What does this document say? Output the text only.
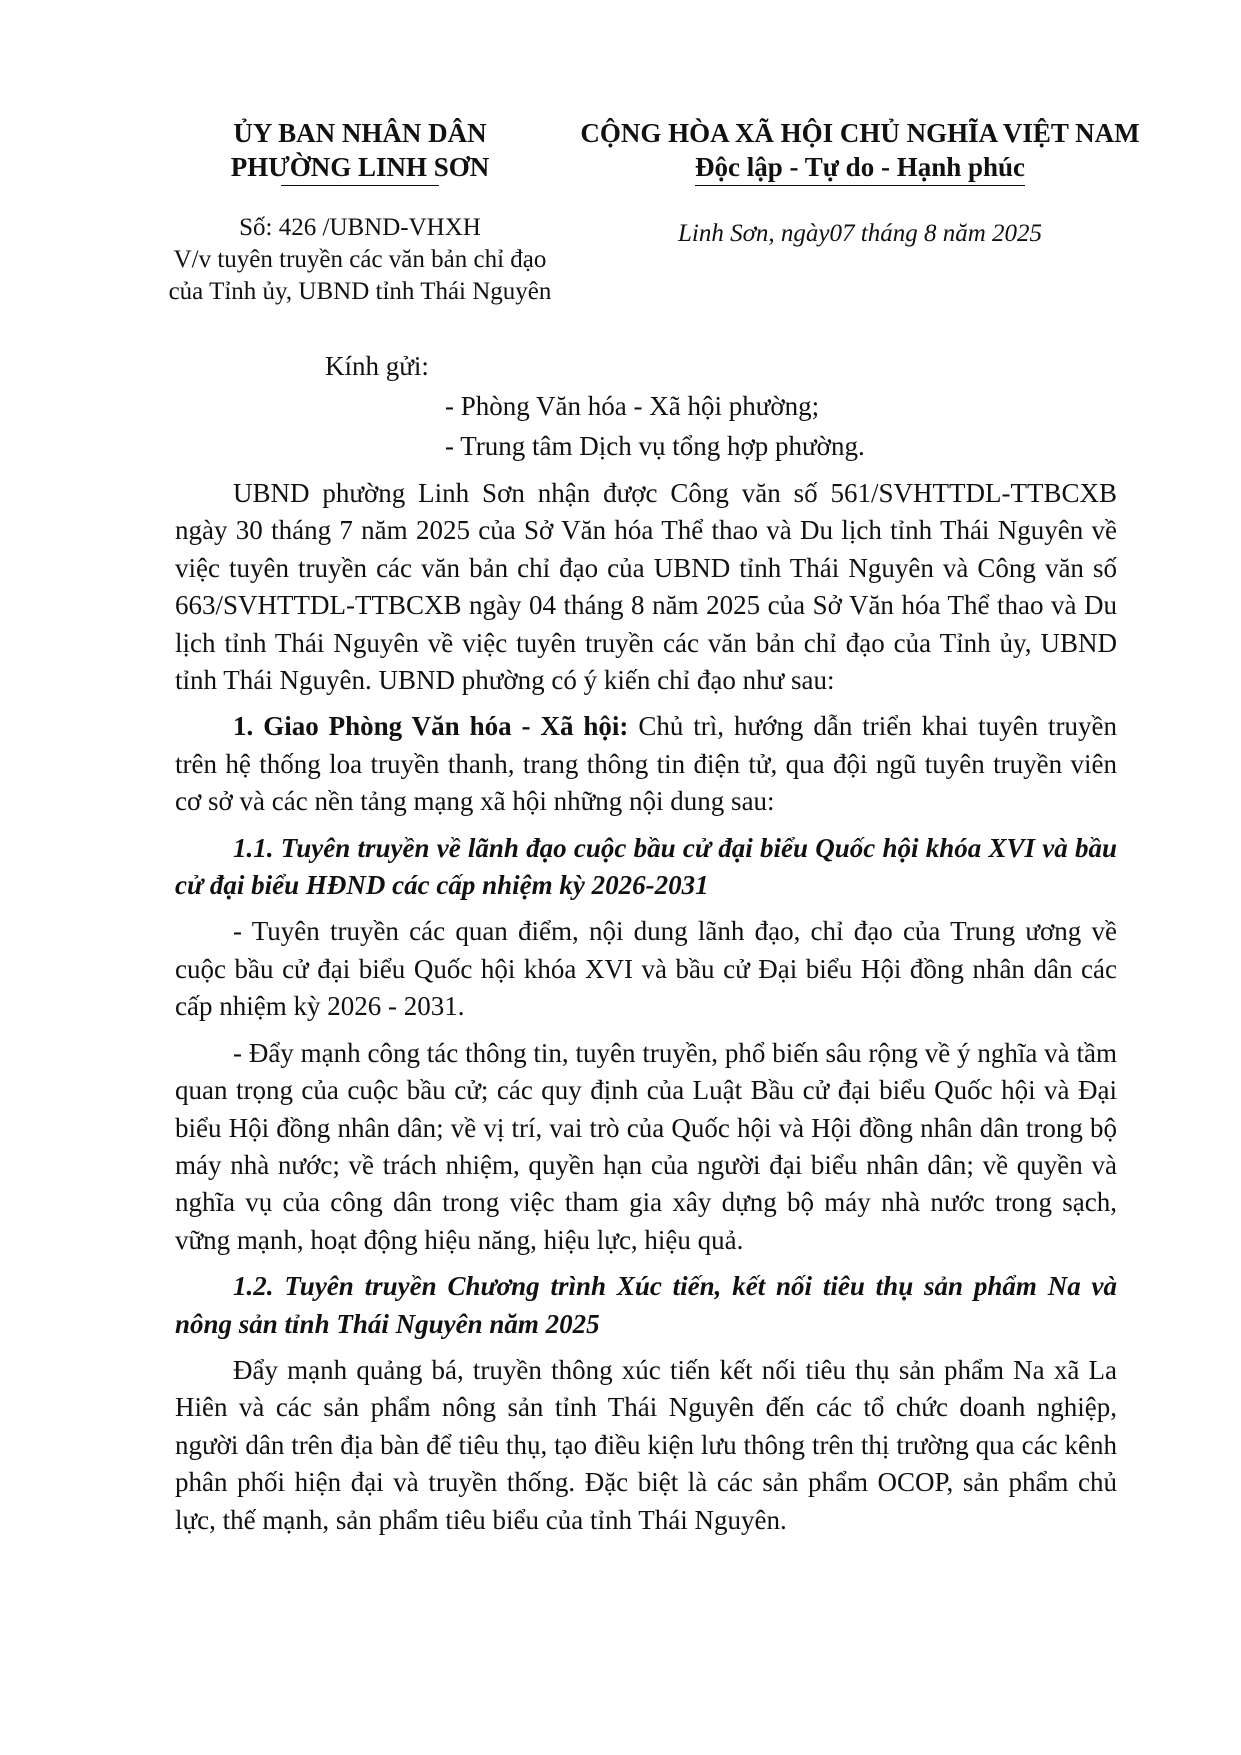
ỦY BAN NHÂN DÂN
PHƯỜNG LINH SƠN
Số: 426 /UBND-VHXH
V/v tuyên truyền các văn bản chỉ đạo
của Tỉnh ủy, UBND tỉnh Thái Nguyên
CỘNG HÒA XÃ HỘI CHỦ NGHĨA VIỆT NAM
Độc lập - Tự do - Hạnh phúc
Linh Sơn, ngày07 tháng 8 năm 2025
Kính gửi:
- Phòng Văn hóa - Xã hội phường;
- Trung tâm Dịch vụ tổng hợp phường.

UBND phường Linh Sơn nhận được Công văn số 561/SVHTTDL-TTBCXB ngày 30 tháng 7 năm 2025 của Sở Văn hóa Thể thao và Du lịch tỉnh Thái Nguyên về việc tuyên truyền các văn bản chỉ đạo của UBND tỉnh Thái Nguyên và Công văn số 663/SVHTTDL-TTBCXB ngày 04 tháng 8 năm 2025 của Sở Văn hóa Thể thao và Du lịch tỉnh Thái Nguyên về việc tuyên truyền các văn bản chỉ đạo của Tỉnh ủy, UBND tỉnh Thái Nguyên. UBND phường có ý kiến chỉ đạo như sau:

1. Giao Phòng Văn hóa - Xã hội: Chủ trì, hướng dẫn triển khai tuyên truyền trên hệ thống loa truyền thanh, trang thông tin điện tử, qua đội ngũ tuyên truyền viên cơ sở và các nền tảng mạng xã hội những nội dung sau:

1.1. Tuyên truyền về lãnh đạo cuộc bầu cử đại biểu Quốc hội khóa XVI và bầu cử đại biểu HĐND các cấp nhiệm kỳ 2026-2031

- Tuyên truyền các quan điểm, nội dung lãnh đạo, chỉ đạo của Trung ương về cuộc bầu cử đại biểu Quốc hội khóa XVI và bầu cử Đại biểu Hội đồng nhân dân các cấp nhiệm kỳ 2026 - 2031.

- Đẩy mạnh công tác thông tin, tuyên truyền, phổ biến sâu rộng về ý nghĩa và tầm quan trọng của cuộc bầu cử; các quy định của Luật Bầu cử đại biểu Quốc hội và Đại biểu Hội đồng nhân dân; về vị trí, vai trò của Quốc hội và Hội đồng nhân dân trong bộ máy nhà nước; về trách nhiệm, quyền hạn của người đại biểu nhân dân; về quyền và nghĩa vụ của công dân trong việc tham gia xây dựng bộ máy nhà nước trong sạch, vững mạnh, hoạt động hiệu năng, hiệu lực, hiệu quả.

1.2. Tuyên truyền Chương trình Xúc tiến, kết nối tiêu thụ sản phẩm Na và nông sản tỉnh Thái Nguyên năm 2025

Đẩy mạnh quảng bá, truyền thông xúc tiến kết nối tiêu thụ sản phẩm Na xã La Hiên và các sản phẩm nông sản tỉnh Thái Nguyên đến các tổ chức doanh nghiệp, người dân trên địa bàn để tiêu thụ, tạo điều kiện lưu thông trên thị trường qua các kênh phân phối hiện đại và truyền thống. Đặc biệt là các sản phẩm OCOP, sản phẩm chủ lực, thế mạnh, sản phẩm tiêu biểu của tỉnh Thái Nguyên.
